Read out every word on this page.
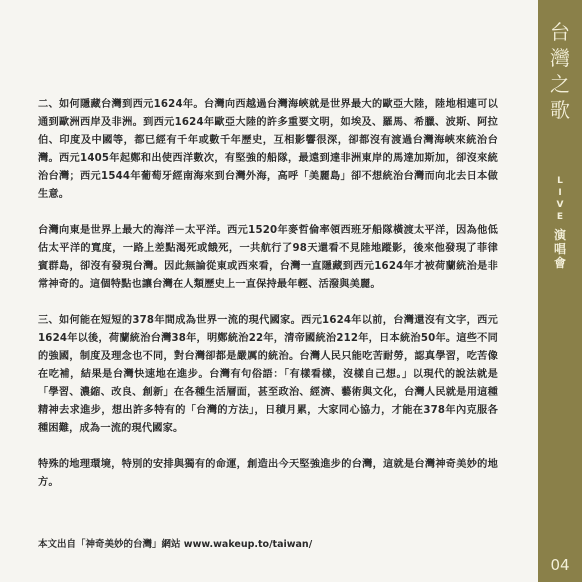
二、如何隱藏台灣到西元1624年。台灣向西越過台灣海峽就是世界最大的歐亞大陸，陸地相連可以通到歐洲西岸及非洲。到西元1624年歐亞大陸的許多重要文明，如埃及、羅馬、希臘、波斯、阿拉伯、印度及中國等，都已經有千年或數千年歷史，互相影響很深，卻都沒有渡過台灣海峽來統治台灣。西元1405年起鄭和出使西洋數次，有堅強的船隊，最遠到達非洲東岸的馬達加斯加，卻沒來統治台灣；西元1544年葡萄牙經南海來到台灣外海，高呼「美麗島」卻不想統治台灣而向北去日本做生意。

台灣向東是世界上最大的海洋－太平洋。西元1520年麥哲倫率領西班牙船隊橫渡太平洋，因為他低估太平洋的寬度，一路上差點渴死或餓死，一共航行了98天還看不見陸地蹤影，後來他發現了菲律賓群島，卻沒有發現台灣。因此無論從東或西來看，台灣一直隱藏到西元1624年才被荷蘭統治是非常神奇的。這個特點也讓台灣在人類歷史上一直保持最年輕、活潑與美麗。

三、如何能在短短的378年間成為世界一流的現代國家。西元1624年以前，台灣還沒有文字，西元1624年以後，荷蘭統治台灣38年，明鄭統治22年，清帝國統治212年，日本統治50年。這些不同的強國，制度及理念也不同，對台灣卻都是嚴厲的統治。台灣人民只能吃苦耐勞，認真學習，吃苦像在吃補，結果是台灣快速地在進步。台灣有句俗語：「有樣看樣，沒樣自己想。」以現代的說法就是「學習、濃縮、改良、創新」在各種生活層面，甚至政治、經濟、藝術與文化，台灣人民就是用這種精神去求進步，想出許多特有的「台灣的方法」，日積月累，大家同心協力，才能在378年內克服各種困難，成為一流的現代國家。

特殊的地理環境，特別的安排與獨有的命運，創造出今天堅強進步的台灣，這就是台灣神奇美妙的地方。

本文出自「神奇美妙的台灣」網站 www.wakeup.to/taiwan/
台
灣
之
歌
L
I
V
E
演
唱
會
04
